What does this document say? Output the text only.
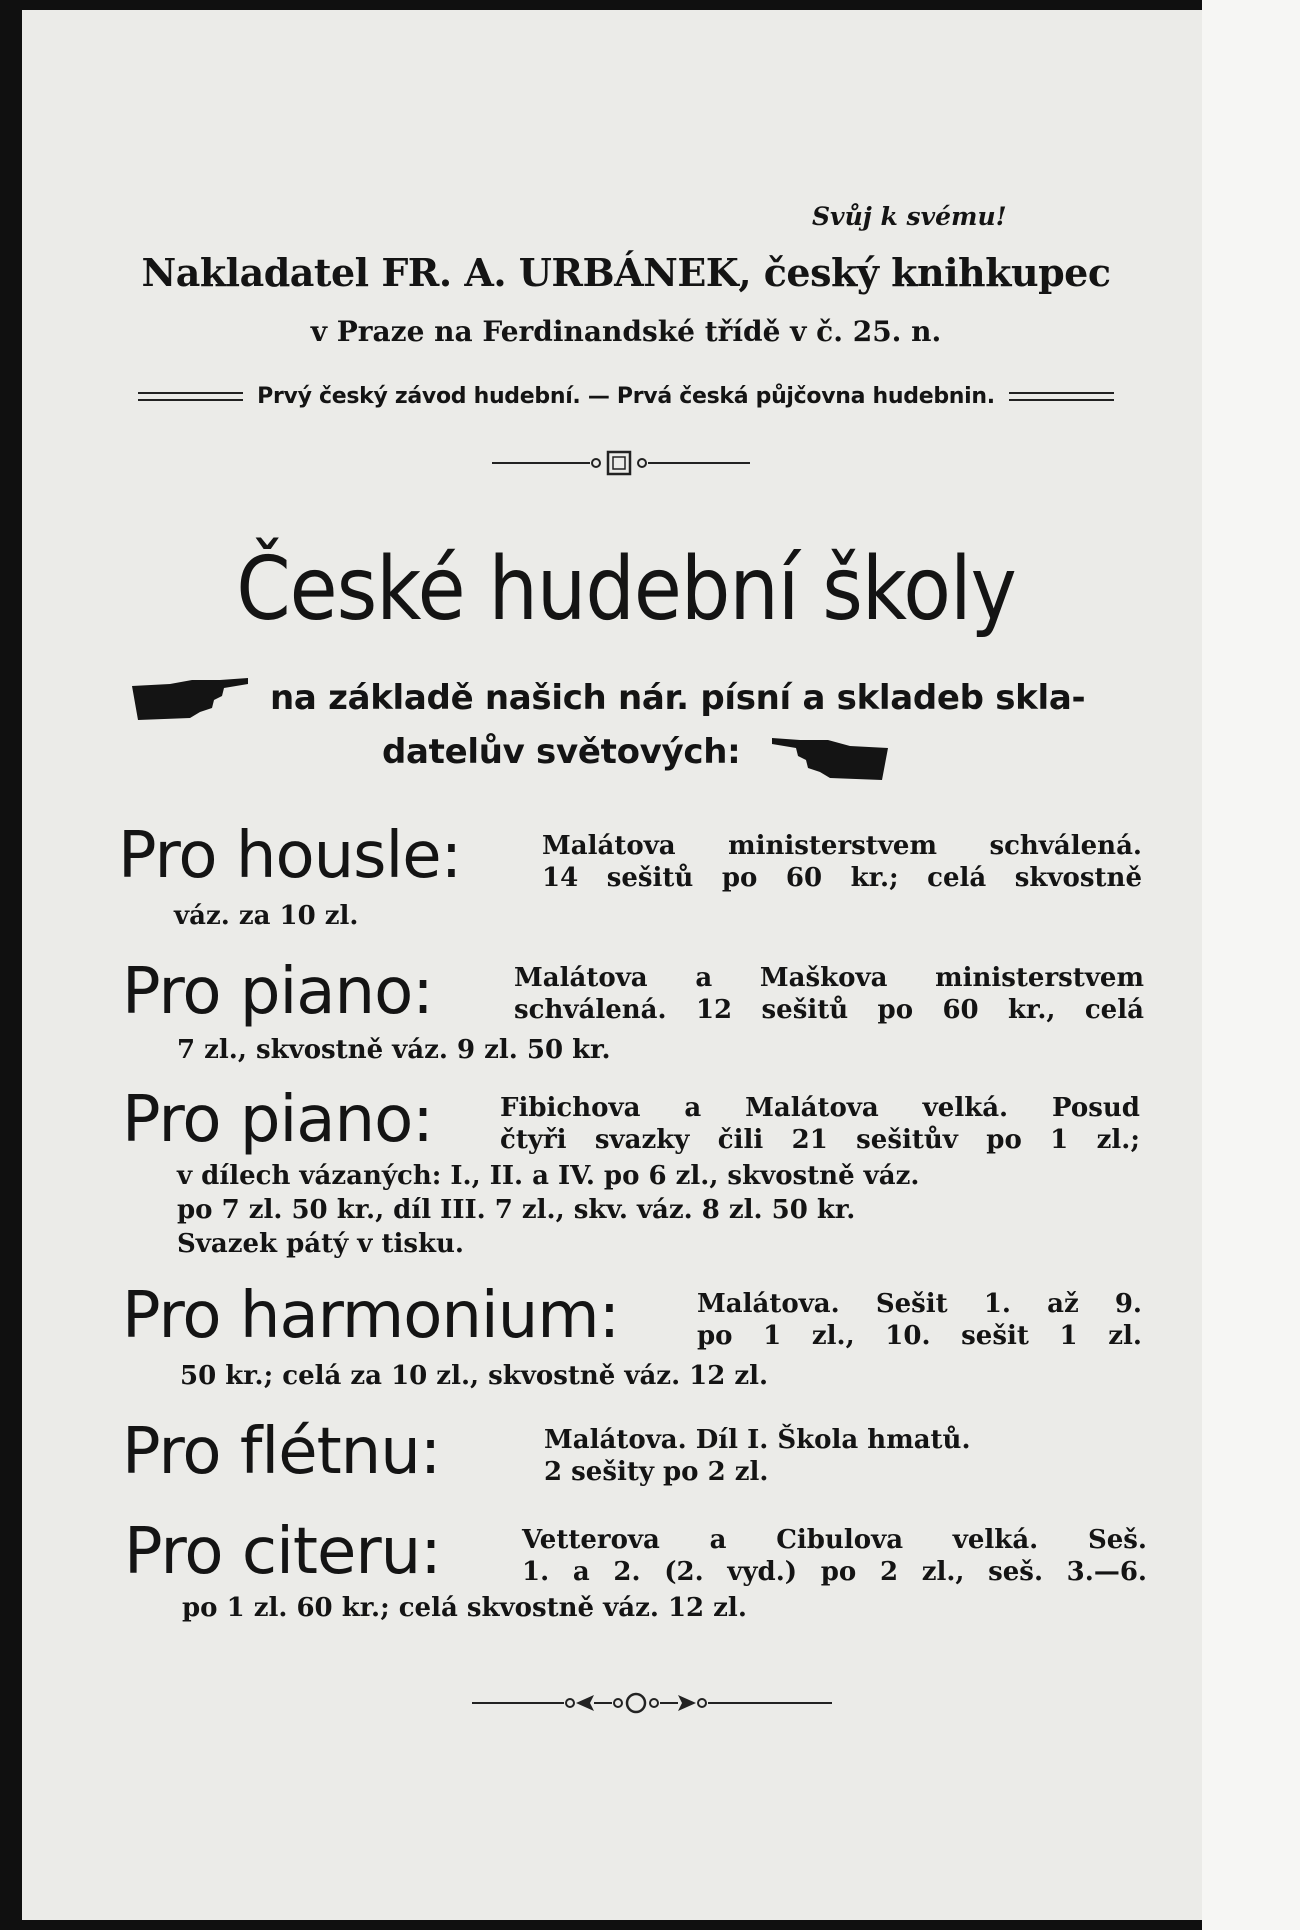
Svůj k svému!
Nakladatel FR. A. URBÁNEK, český knihkupec
v Praze na Ferdinandské třídě v č. 25. n.
Prvý český závod hudební. — Prvá česká půjčovna hudebnin.
České hudební školy
na základě našich nár. písní a skladeb skla-
datelův světových:
Pro housle:	Malátova ministerstvem schválená.
14 sešitů po 60 kr.; celá skvostně
váz. za 10 zl.
Pro piano:	Malátova a Maškova ministerstvem
schválená. 12 sešitů po 60 kr., celá
7 zl., skvostně váz. 9 zl. 50 kr.
Pro piano:	Fibichova a Malátova velká. Posud
čtyři svazky čili 21 sešitův po 1 zl.;
v dílech vázaných: I., II. a IV. po 6 zl., skvostně váz.
po 7 zl. 50 kr., díl III. 7 zl., skv. váz. 8 zl. 50 kr.
Svazek pátý v tisku.
Pro harmonium:	Malátova. Sešit 1. až 9.
po 1 zl., 10. sešit 1 zl.
50 kr.; celá za 10 zl., skvostně váz. 12 zl.
Pro flétnu:	Malátova. Díl I. Škola hmatů.
2 sešity po 2 zl.
Pro citeru:	Vetterova a Cibulova velká. Seš.
1. a 2. (2. vyd.) po 2 zl., seš. 3.—6.
po 1 zl. 60 kr.; celá skvostně váz. 12 zl.
